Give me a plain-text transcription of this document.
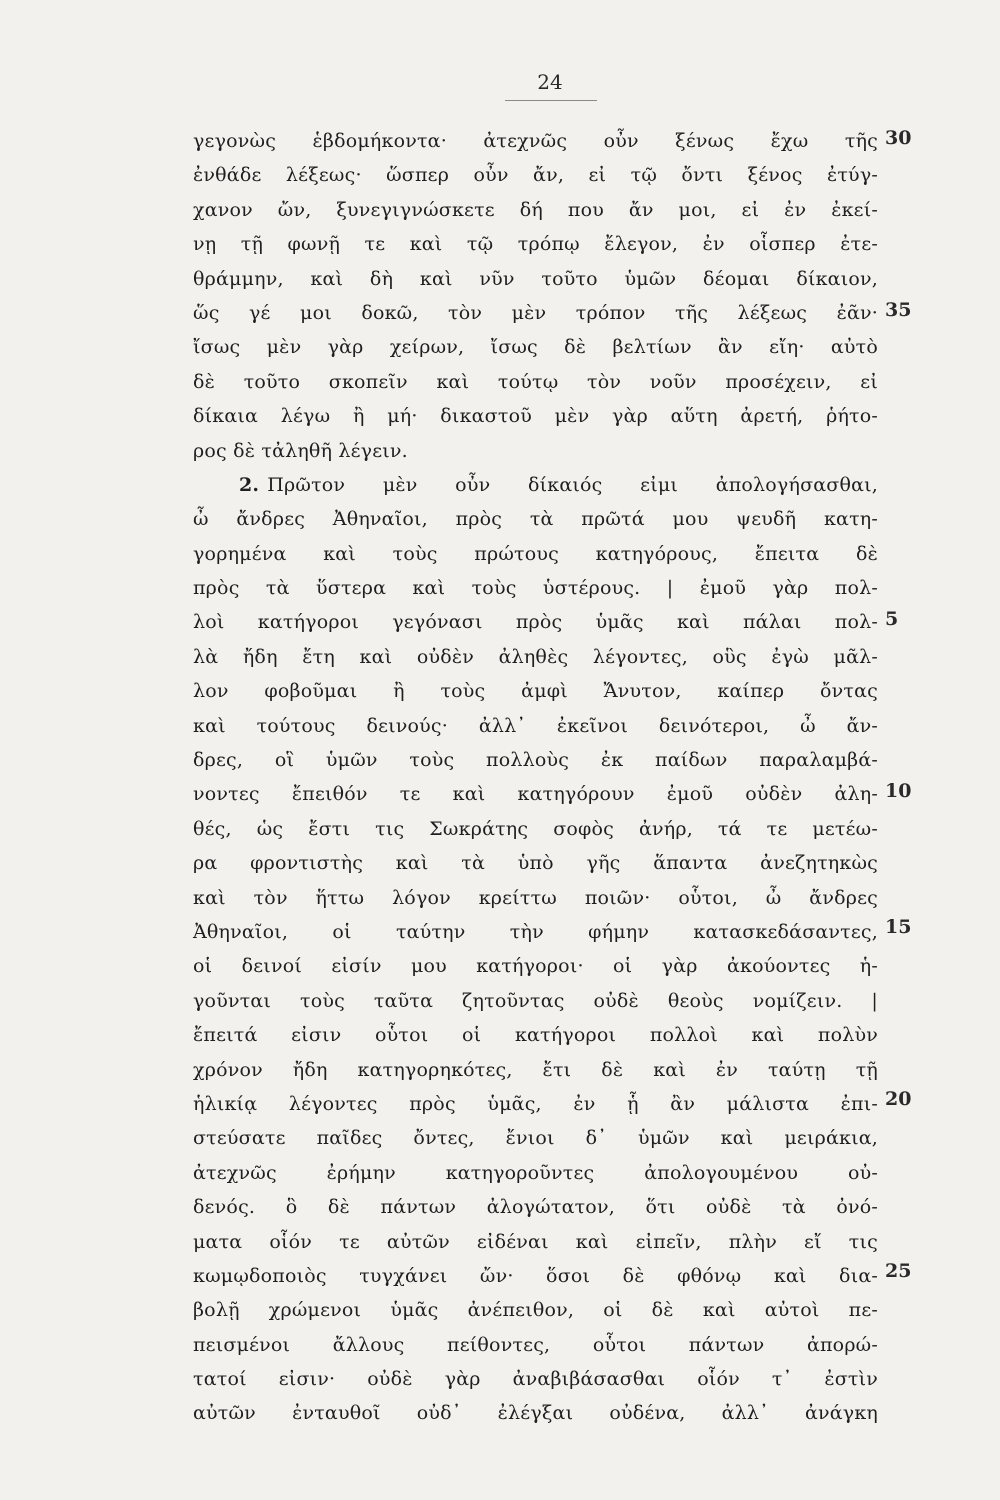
24
γεγονὼς ἑβδομήκοντα· ἀτεχνῶς οὖν ξένως ἔχω τῆς
ἐνθάδε λέξεως· ὥσπερ οὖν ἄν, εἰ τῷ ὄντι ξένος ἐτύγ-
χανον ὤν, ξυνεγιγνώσκετε δή που ἄν μοι, εἰ ἐν ἐκεί-
νῃ τῇ φωνῇ τε καὶ τῷ τρόπῳ ἔλεγον, ἐν οἷσπερ ἐτε-
θράμμην, καὶ δὴ καὶ νῦν τοῦτο ὑμῶν δέομαι δίκαιον,
ὥς γέ μοι δοκῶ, τὸν μὲν τρόπον τῆς λέξεως ἐᾶν·
ἴσως μὲν γὰρ χείρων, ἴσως δὲ βελτίων ἂν εἴη· αὐτὸ
δὲ τοῦτο σκοπεῖν καὶ τούτῳ τὸν νοῦν προσέχειν, εἰ
δίκαια λέγω ἢ μή· δικαστοῦ μὲν γὰρ αὕτη ἀρετή, ῥήτο-
ρος δὲ τἀληθῆ λέγειν.
2. Πρῶτον μὲν οὖν δίκαιός εἰμι ἀπολογήσασθαι,
ὦ ἄνδρες Ἀθηναῖοι, πρὸς τὰ πρῶτά μου ψευδῆ κατη-
γορημένα καὶ τοὺς πρώτους κατηγόρους, ἔπειτα δὲ
πρὸς τὰ ὕστερα καὶ τοὺς ὑστέρους. | ἐμοῦ γὰρ πολ-
λοὶ κατήγοροι γεγόνασι πρὸς ὑμᾶς καὶ πάλαι πολ-
λὰ ἤδη ἔτη καὶ οὐδὲν ἀληθὲς λέγοντες, οὓς ἐγὼ μᾶλ-
λον φοβοῦμαι ἢ τοὺς ἀμφὶ Ἄνυτον, καίπερ ὄντας
καὶ τούτους δεινούς· ἀλλ᾽ ἐκεῖνοι δεινότεροι, ὦ ἄν-
δρες, οἳ ὑμῶν τοὺς πολλοὺς ἐκ παίδων παραλαμβά-
νοντες ἔπειθόν τε καὶ κατηγόρουν ἐμοῦ οὐδὲν ἀλη-
θές, ὡς ἔστι τις Σωκράτης σοφὸς ἀνήρ, τά τε μετέω-
ρα φροντιστὴς καὶ τὰ ὑπὸ γῆς ἅπαντα ἀνεζητηκὼς
καὶ τὸν ἥττω λόγον κρείττω ποιῶν· οὗτοι, ὦ ἄνδρες
Ἀθηναῖοι, οἱ ταύτην τὴν φήμην κατασκεδάσαντες,
οἱ δεινοί εἰσίν μου κατήγοροι· οἱ γὰρ ἀκούοντες ἡ-
γοῦνται τοὺς ταῦτα ζητοῦντας οὐδὲ θεοὺς νομίζειν. |
ἔπειτά εἰσιν οὗτοι οἱ κατήγοροι πολλοὶ καὶ πολὺν
χρόνον ἤδη κατηγορηκότες, ἔτι δὲ καὶ ἐν ταύτῃ τῇ
ἡλικίᾳ λέγοντες πρὸς ὑμᾶς, ἐν ᾗ ἂν μάλιστα ἐπι-
στεύσατε παῖδες ὄντες, ἔνιοι δ᾽ ὑμῶν καὶ μειράκια,
ἀτεχνῶς ἐρήμην κατηγοροῦντες ἀπολογουμένου οὐ-
δενός. ὃ δὲ πάντων ἀλογώτατον, ὅτι οὐδὲ τὰ ὀνό-
ματα οἷόν τε αὐτῶν εἰδέναι καὶ εἰπεῖν, πλὴν εἴ τις
κωμῳδοποιὸς τυγχάνει ὤν· ὅσοι δὲ φθόνῳ καὶ δια-
βολῇ χρώμενοι ὑμᾶς ἀνέπειθον, οἱ δὲ καὶ αὐτοὶ πε-
πεισμένοι ἄλλους πείθοντες, οὗτοι πάντων ἀπορώ-
τατοί εἰσιν· οὐδὲ γὰρ ἀναβιβάσασθαι οἷόν τ᾽ ἐστὶν
αὐτῶν ἐνταυθοῖ οὐδ᾽ ἐλέγξαι οὐδένα, ἀλλ᾽ ἀνάγκη
30
35
5
10
15
20
25
